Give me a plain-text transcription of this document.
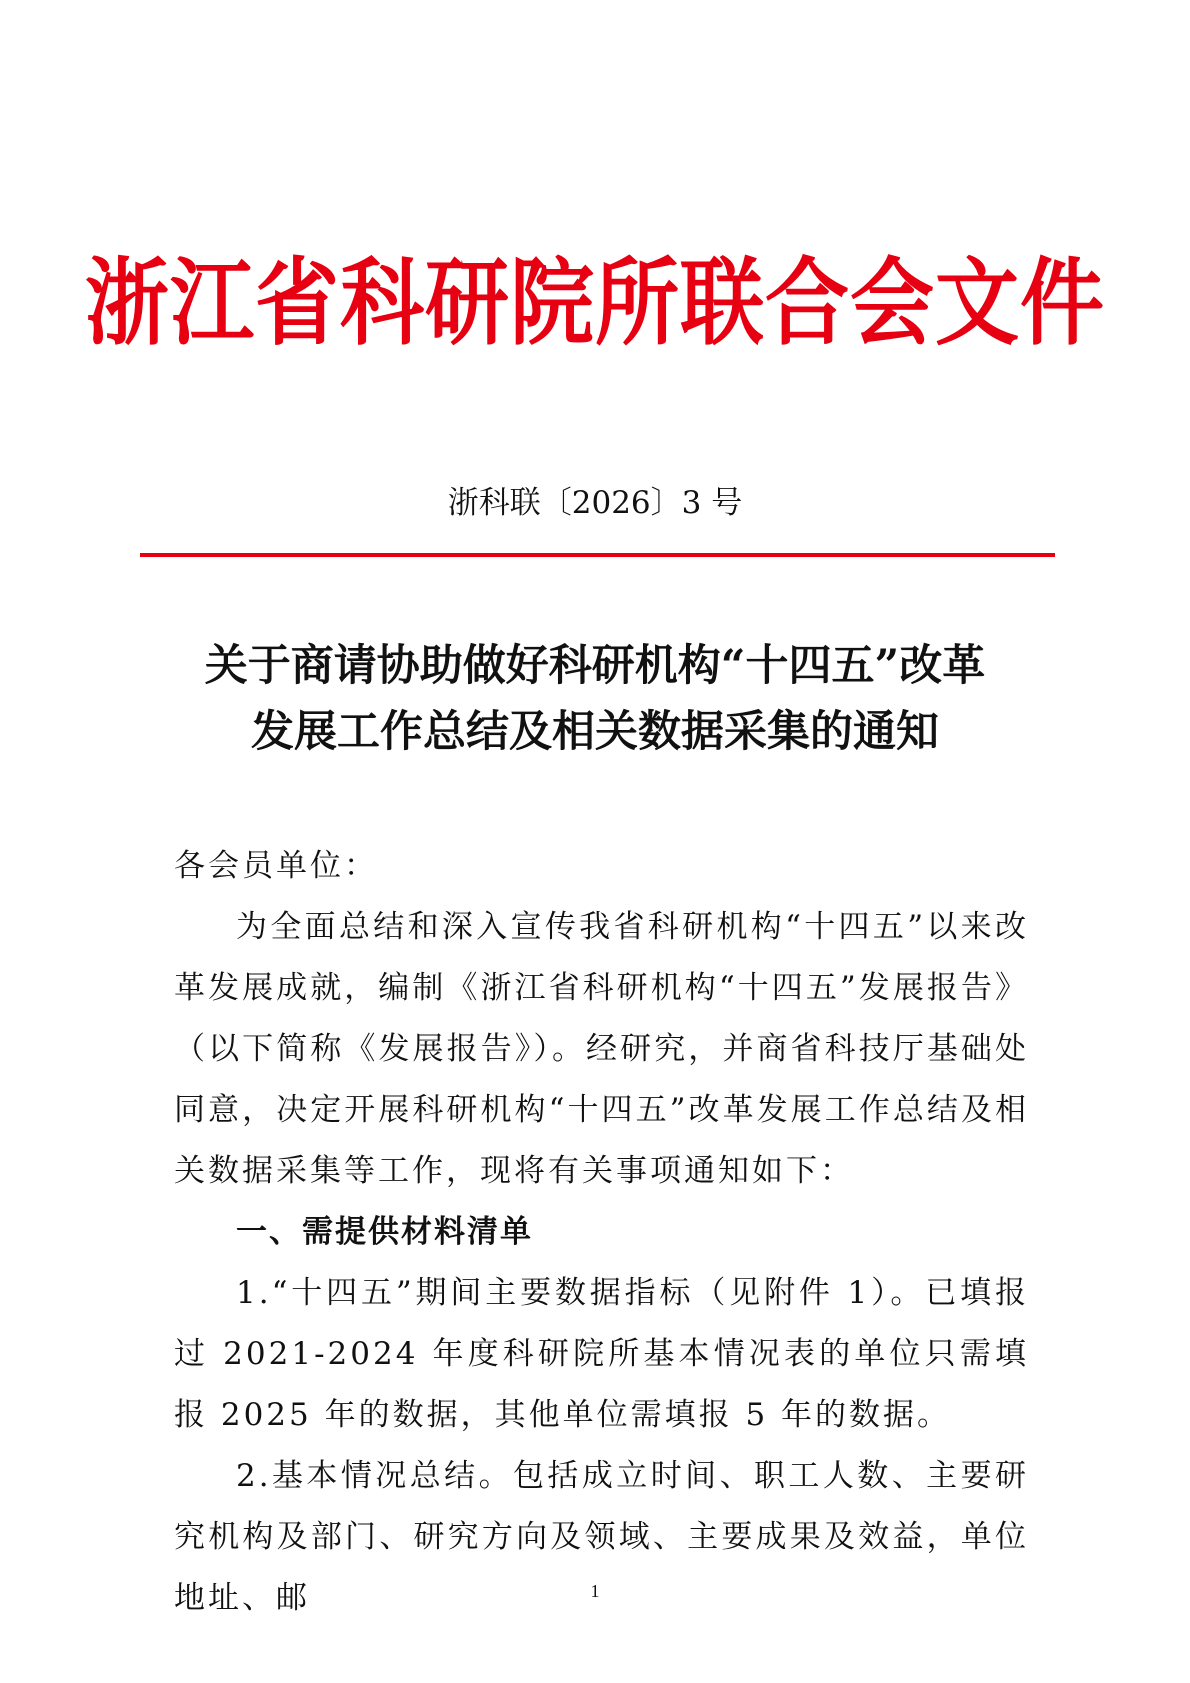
浙江省科研院所联合会文件
浙科联〔2026〕3 号
关于商请协助做好科研机构“十四五”改革
发展工作总结及相关数据采集的通知

各会员单位：

为全面总结和深入宣传我省科研机构“十四五”以来改革发展成就，编制《浙江省科研机构“十四五”发展报告》（以下简称《发展报告》）。经研究，并商省科技厅基础处同意，决定开展科研机构“十四五”改革发展工作总结及相关数据采集等工作，现将有关事项通知如下：

一、需提供材料清单

1.“十四五”期间主要数据指标（见附件 1）。已填报过 2021-2024 年度科研院所基本情况表的单位只需填报 2025 年的数据，其他单位需填报 5 年的数据。

2.基本情况总结。包括成立时间、职工人数、主要研究机构及部门、研究方向及领域、主要成果及效益，单位地址、邮	1
